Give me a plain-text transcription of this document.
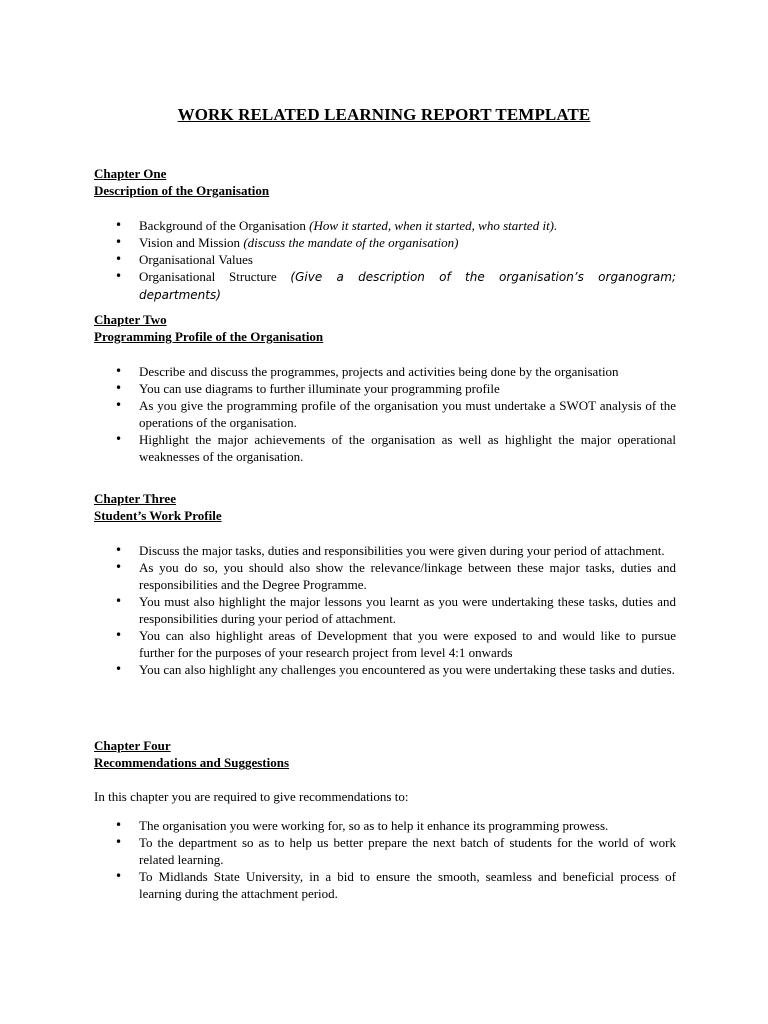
WORK RELATED LEARNING REPORT TEMPLATE
Chapter One
Description of the Organisation
• Background of the Organisation (How it started, when it started, who started it).
• Vision and Mission (discuss the mandate of the organisation)
• Organisational Values
• Organisational Structure (Give a description of the organisation’s organogram; departments)
Chapter Two
Programming Profile of the Organisation
• Describe and discuss the programmes, projects and activities being done by the organisation
• You can use diagrams to further illuminate your programming profile
• As you give the programming profile of the organisation you must undertake a SWOT analysis of the operations of the organisation.
• Highlight the major achievements of the organisation as well as highlight the major operational weaknesses of the organisation.
Chapter Three
Student’s Work Profile
• Discuss the major tasks, duties and responsibilities you were given during your period of attachment.
• As you do so, you should also show the relevance/linkage between these major tasks, duties and responsibilities and the Degree Programme.
• You must also highlight the major lessons you learnt as you were undertaking these tasks, duties and responsibilities during your period of attachment.
• You can also highlight areas of Development that you were exposed to and would like to pursue further for the purposes of your research project from level 4:1 onwards
• You can also highlight any challenges you encountered as you were undertaking these tasks and duties.
Chapter Four
Recommendations and Suggestions

In this chapter you are required to give recommendations to:

• The organisation you were working for, so as to help it enhance its programming prowess.
• To the department so as to help us better prepare the next batch of students for the world of work related learning.
• To Midlands State University, in a bid to ensure the smooth, seamless and beneficial process of learning during the attachment period.
